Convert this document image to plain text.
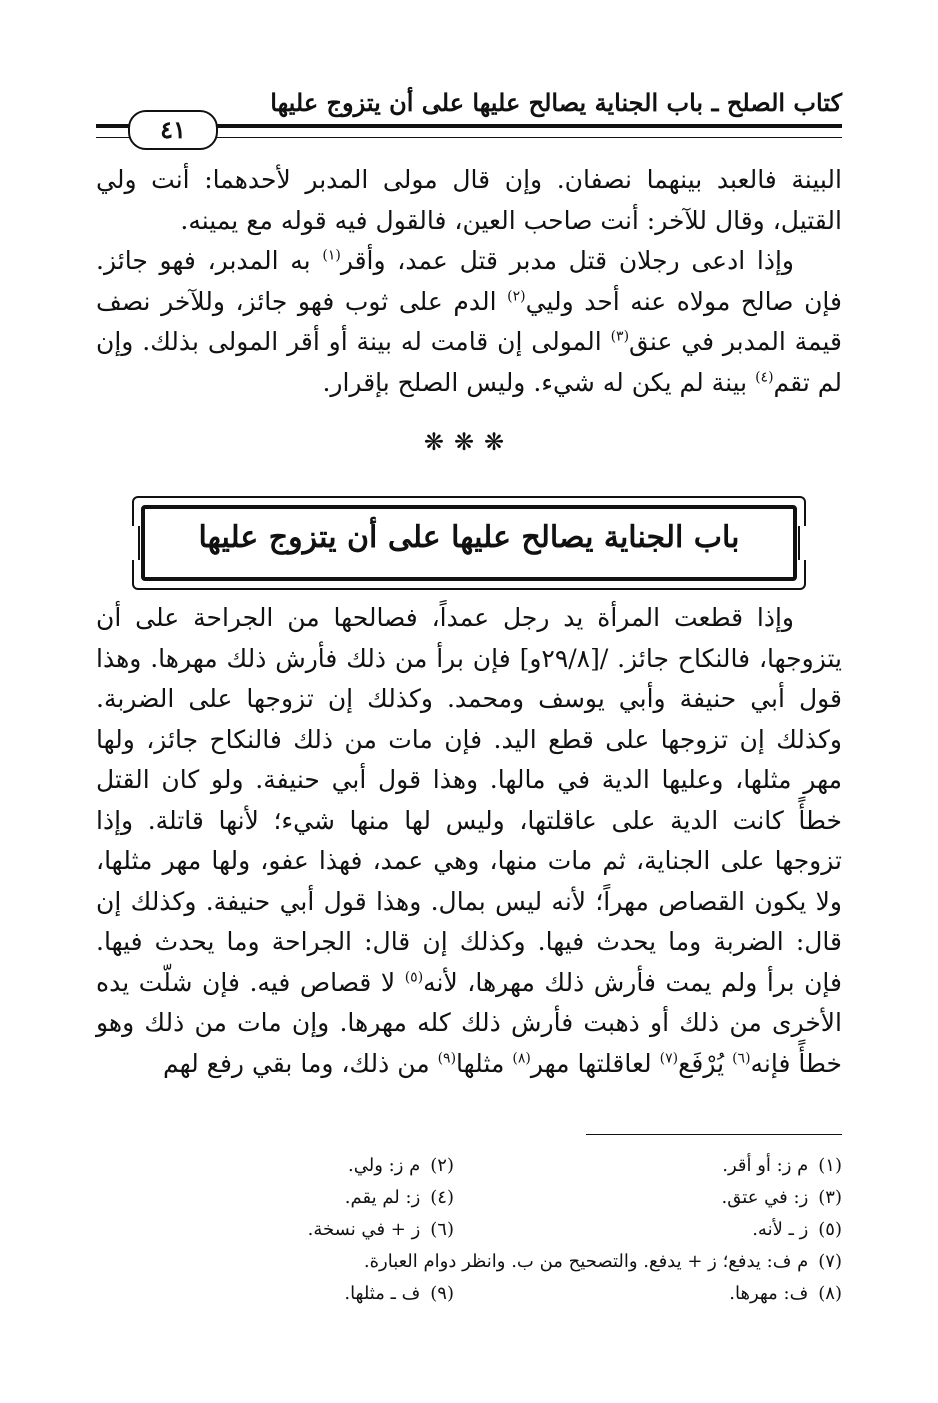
كتاب الصلح ـ باب الجناية يصالح عليها على أن يتزوج عليها
٤١

البينة فالعبد بينهما نصفان. وإن قال مولى المدبر لأحدهما: أنت ولي القتيل، وقال للآخر: أنت صاحب العين، فالقول فيه قوله مع يمينه.

وإذا ادعى رجلان قتل مدبر قتل عمد، وأقر$^{(١)}$ به المدبر، فهو جائز. فإن صالح مولاه عنه أحد وليي$^{(٢)}$ الدم على ثوب فهو جائز، وللآخر نصف قيمة المدبر في عنق$^{(٣)}$ المولى إن قامت له بينة أو أقر المولى بذلك. وإن لم تقم$^{(٤)}$ بينة لم يكن له شيء. وليس الصلح بإقرار.

❋❋❋
باب الجناية يصالح عليها على أن يتزوج عليها

وإذا قطعت المرأة يد رجل عمداً، فصالحها من الجراحة على أن يتزوجها، فالنكاح جائز. /[٢٩/٨و] فإن برأ من ذلك فأرش ذلك مهرها. وهذا قول أبي حنيفة وأبي يوسف ومحمد. وكذلك إن تزوجها على الضربة. وكذلك إن تزوجها على قطع اليد. فإن مات من ذلك فالنكاح جائز، ولها مهر مثلها، وعليها الدية في مالها. وهذا قول أبي حنيفة. ولو كان القتل خطأً كانت الدية على عاقلتها، وليس لها منها شيء؛ لأنها قاتلة. وإذا تزوجها على الجناية، ثم مات منها، وهي عمد، فهذا عفو، ولها مهر مثلها، ولا يكون القصاص مهراً؛ لأنه ليس بمال. وهذا قول أبي حنيفة. وكذلك إن قال: الضربة وما يحدث فيها. وكذلك إن قال: الجراحة وما يحدث فيها. فإن برأ ولم يمت فأرش ذلك مهرها، لأنه$^{(٥)}$ لا قصاص فيه. فإن شلّت يده الأخرى من ذلك أو ذهبت فأرش ذلك كله مهرها. وإن مات من ذلك وهو خطأً فإنه$^{(٦)}$ يُرْفَع$^{(٧)}$ لعاقلتها مهر$^{(٨)}$ مثلها$^{(٩)}$ من ذلك، وما بقي رفع لهم

(١)م ز: أو أقر.
(٢)م ز: ولي.
(٣)ز: في عتق.
(٤)ز: لم يقم.
(٥)ز ـ لأنه.
(٦)ز + في نسخة.
(٧)م ف: يدفع؛ ز + يدفع. والتصحيح من ب. وانظر دوام العبارة.
(٨)ف: مهرها.
(٩)ف ـ مثلها.
